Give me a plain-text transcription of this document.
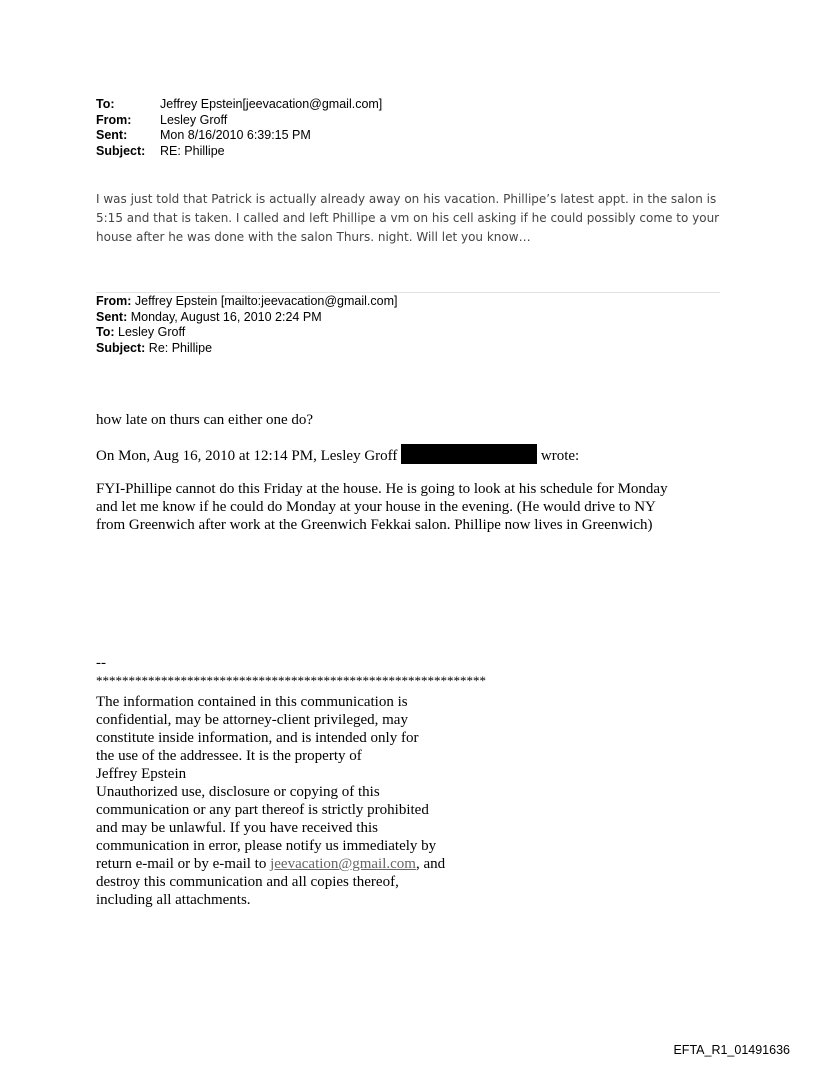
To:	Jeffrey Epstein[jeevacation@gmail.com]
From:	Lesley Groff
Sent:	Mon 8/16/2010 6:39:15 PM
Subject:	RE: Phillipe

I was just told that Patrick is actually already away on his vacation. Phillipe’s latest appt. in the salon is

5:15 and that is taken. I called and left Phillipe a vm on his cell asking if he could possibly come to your

house after he was done with the salon Thurs. night. Will let you know…

From: Jeffrey Epstein [mailto:jeevacation@gmail.com]
Sent: Monday, August 16, 2010 2:24 PM
To: Lesley Groff
Subject: Re: Phillipe
how late on thurs can either one do?
On Mon, Aug 16, 2010 at 12:14 PM, Lesley Groff	wrote:
FYI-Phillipe cannot do this Friday at the house. He is going to look at his schedule for Monday
and let me know if he could do Monday at your house in the evening. (He would drive to NY
from Greenwich after work at the Greenwich Fekkai salon. Phillipe now lives in Greenwich)
--
************************************************************

The information contained in this communication is

confidential, may be attorney-client privileged, may

constitute inside information, and is intended only for

the use of the addressee. It is the property of

Jeffrey Epstein

Unauthorized use, disclosure or copying of this

communication or any part thereof is strictly prohibited

and may be unlawful. If you have received this

communication in error, please notify us immediately by

return e-mail or by e-mail to jeevacation@gmail.com, and

destroy this communication and all copies thereof,

including all attachments.

EFTA_R1_01491636
